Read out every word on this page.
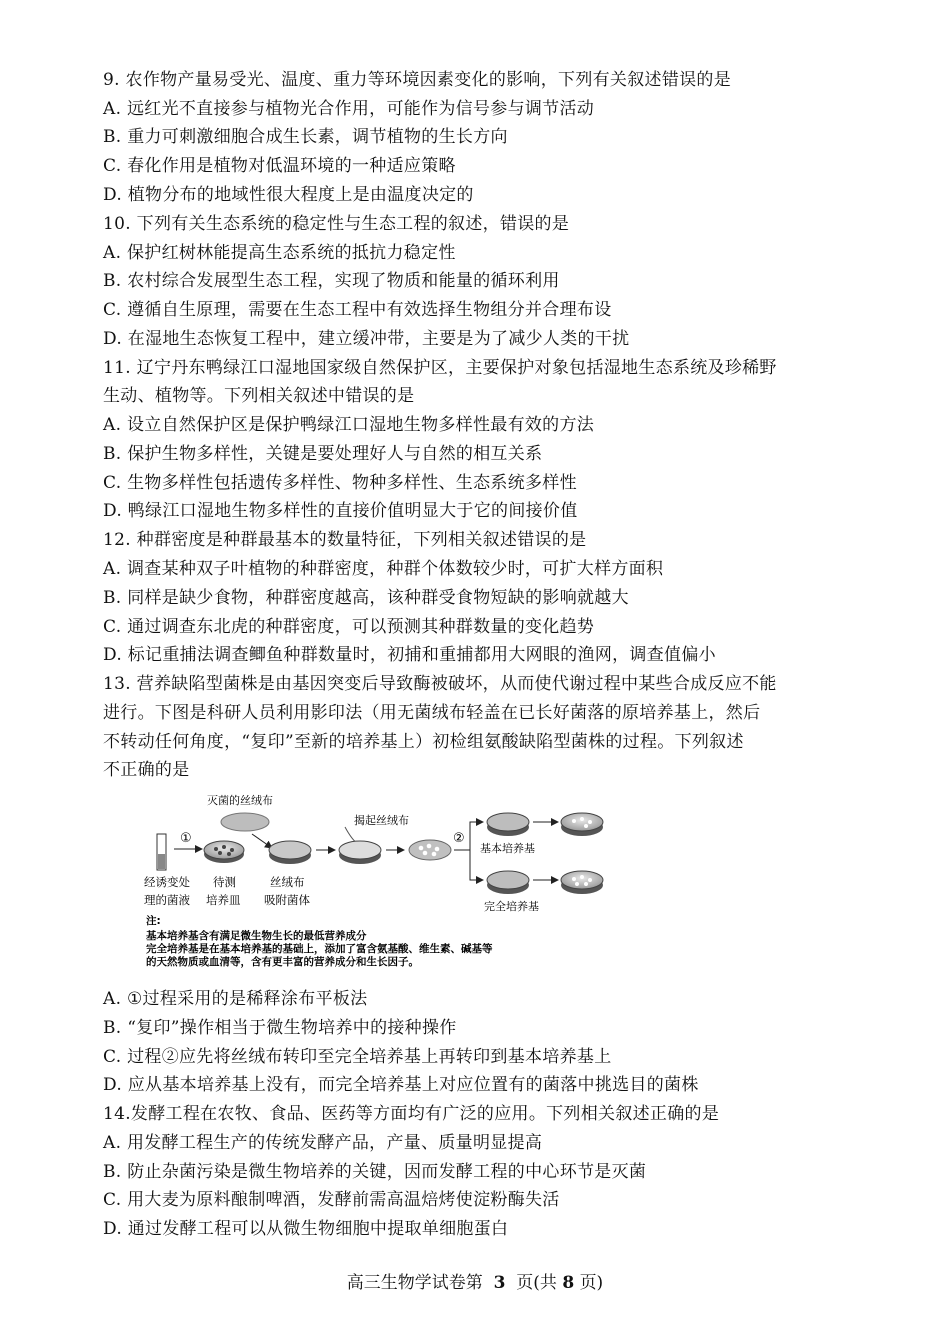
9. 农作物产量易受光、温度、重力等环境因素变化的影响，下列有关叙述错误的是
A. 远红光不直接参与植物光合作用，可能作为信号参与调节活动
B. 重力可刺激细胞合成生长素，调节植物的生长方向
C. 春化作用是植物对低温环境的一种适应策略
D. 植物分布的地域性很大程度上是由温度决定的
10. 下列有关生态系统的稳定性与生态工程的叙述，错误的是
A. 保护红树林能提高生态系统的抵抗力稳定性
B. 农村综合发展型生态工程，实现了物质和能量的循环利用
C. 遵循自生原理，需要在生态工程中有效选择生物组分并合理布设
D. 在湿地生态恢复工程中，建立缓冲带，主要是为了减少人类的干扰
11. 辽宁丹东鸭绿江口湿地国家级自然保护区，主要保护对象包括湿地生态系统及珍稀野
生动、植物等。下列相关叙述中错误的是
A. 设立自然保护区是保护鸭绿江口湿地生物多样性最有效的方法
B. 保护生物多样性，关键是要处理好人与自然的相互关系
C. 生物多样性包括遗传多样性、物种多样性、生态系统多样性
D. 鸭绿江口湿地生物多样性的直接价值明显大于它的间接价值
12. 种群密度是种群最基本的数量特征，下列相关叙述错误的是
A. 调查某种双子叶植物的种群密度，种群个体数较少时，可扩大样方面积
B. 同样是缺少食物，种群密度越高，该种群受食物短缺的影响就越大
C. 通过调查东北虎的种群密度，可以预测其种群数量的变化趋势
D. 标记重捕法调查鲫鱼种群数量时，初捕和重捕都用大网眼的渔网，调查值偏小
13. 营养缺陷型菌株是由基因突变后导致酶被破坏，从而使代谢过程中某些合成反应不能
进行。下图是科研人员利用影印法（用无菌绒布轻盖在已长好菌落的原培养基上，然后
不转动任何角度，“复印”至新的培养基上）初检组氨酸缺陷型菌株的过程。下列叙述
不正确的是
灭菌的丝绒布
①
揭起丝绒布
②
基本培养基
完全培养基
经诱变处
理的菌液
待测
培养皿
丝绒布
吸附菌体
注:
基本培养基含有满足微生物生长的最低营养成分
完全培养基是在基本培养基的基础上，添加了富含氨基酸、维生素、碱基等
的天然物质或血清等，含有更丰富的营养成分和生长因子。
A. ①过程采用的是稀释涂布平板法
B. “复印”操作相当于微生物培养中的接种操作
C. 过程②应先将丝绒布转印至完全培养基上再转印到基本培养基上
D. 应从基本培养基上没有，而完全培养基上对应位置有的菌落中挑选目的菌株
14.发酵工程在农牧、食品、医药等方面均有广泛的应用。下列相关叙述正确的是
A. 用发酵工程生产的传统发酵产品，产量、质量明显提高
B. 防止杂菌污染是微生物培养的关键，因而发酵工程的中心环节是灭菌
C. 用大麦为原料酿制啤酒，发酵前需高温焙烤使淀粉酶失活
D. 通过发酵工程可以从微生物细胞中提取单细胞蛋白
高三生物学试卷第 3 页(共 8 页)
